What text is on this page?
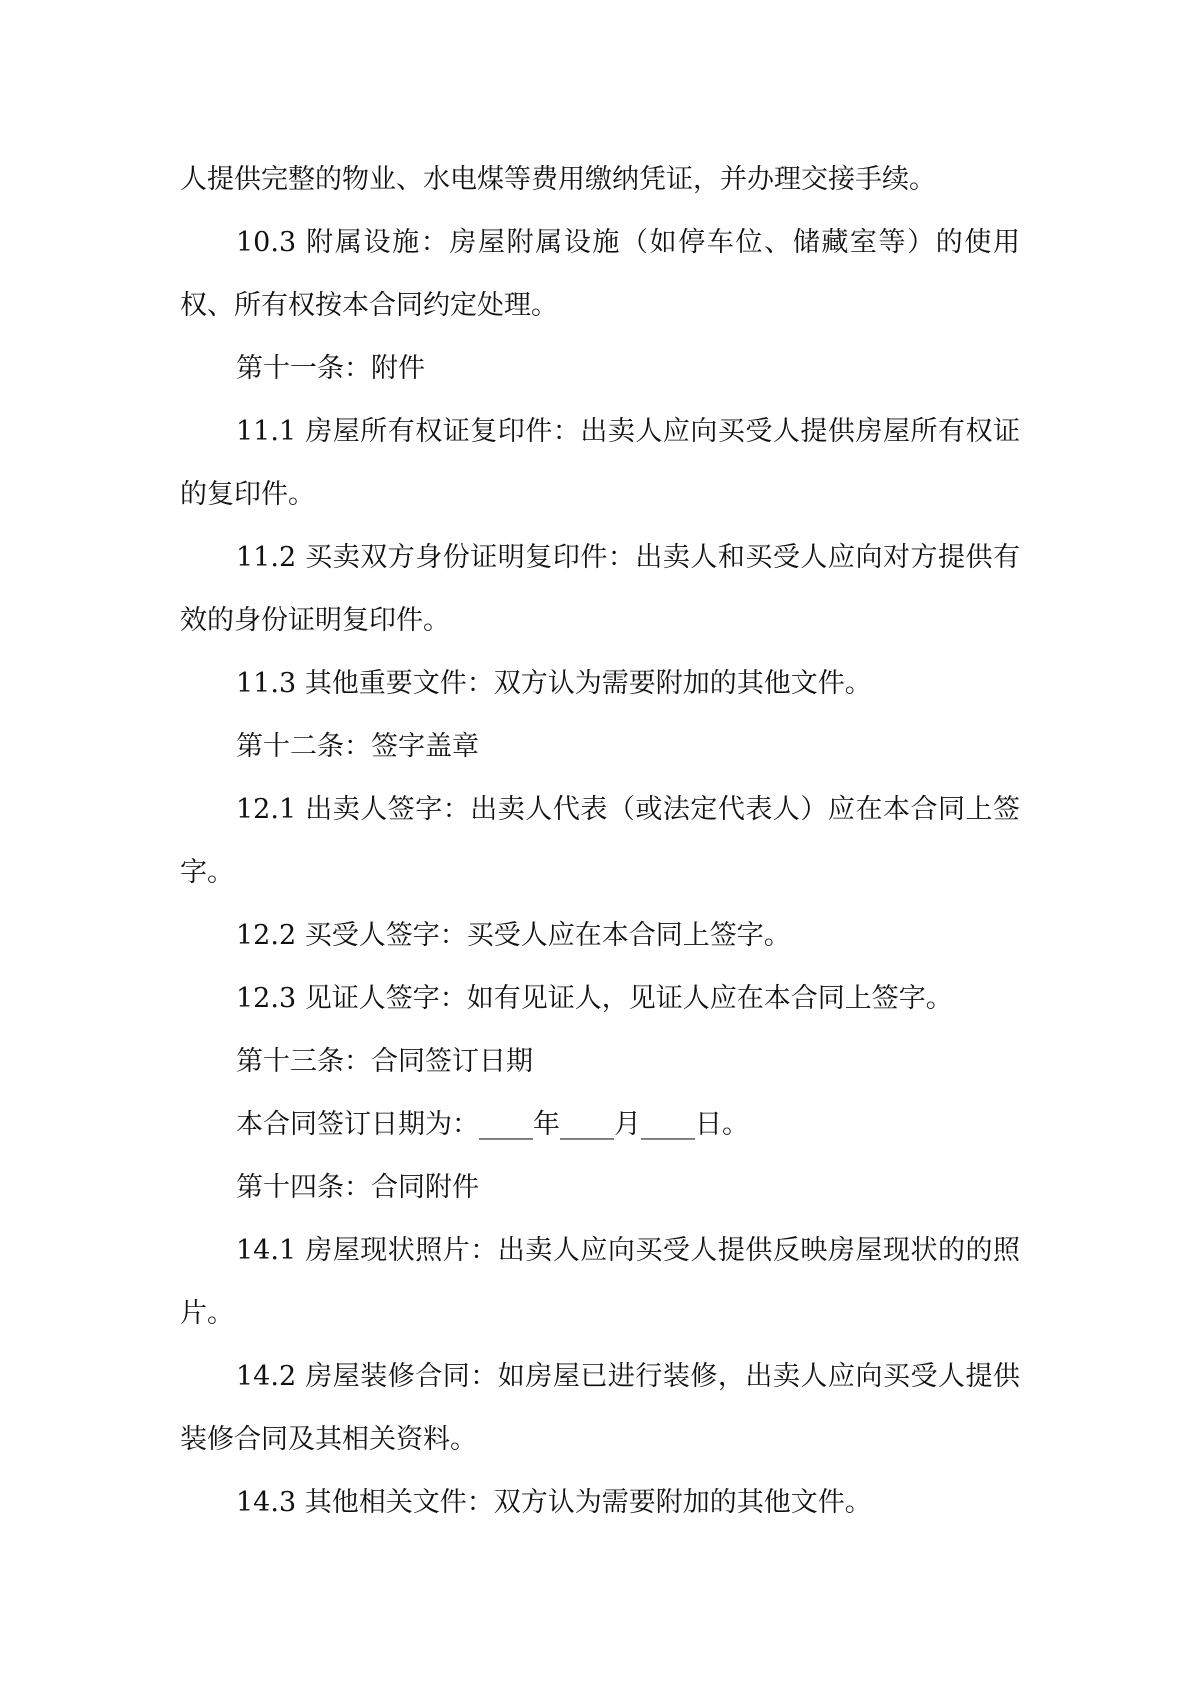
人提供完整的物业、水电煤等费用缴纳凭证，并办理交接手续。

10.3 附属设施：房屋附属设施（如停车位、储藏室等）的使用权、所有权按本合同约定处理。

第十一条：附件

11.1 房屋所有权证复印件：出卖人应向买受人提供房屋所有权证的复印件。

11.2 买卖双方身份证明复印件：出卖人和买受人应向对方提供有效的身份证明复印件。

11.3 其他重要文件：双方认为需要附加的其他文件。

第十二条：签字盖章

12.1 出卖人签字：出卖人代表（或法定代表人）应在本合同上签字。

12.2 买受人签字：买受人应在本合同上签字。

12.3 见证人签字：如有见证人，见证人应在本合同上签字。

第十三条：合同签订日期

本合同签订日期为：____年____月____日。

第十四条：合同附件

14.1 房屋现状照片：出卖人应向买受人提供反映房屋现状的的照片。

14.2 房屋装修合同：如房屋已进行装修，出卖人应向买受人提供装修合同及其相关资料。

14.3 其他相关文件：双方认为需要附加的其他文件。
